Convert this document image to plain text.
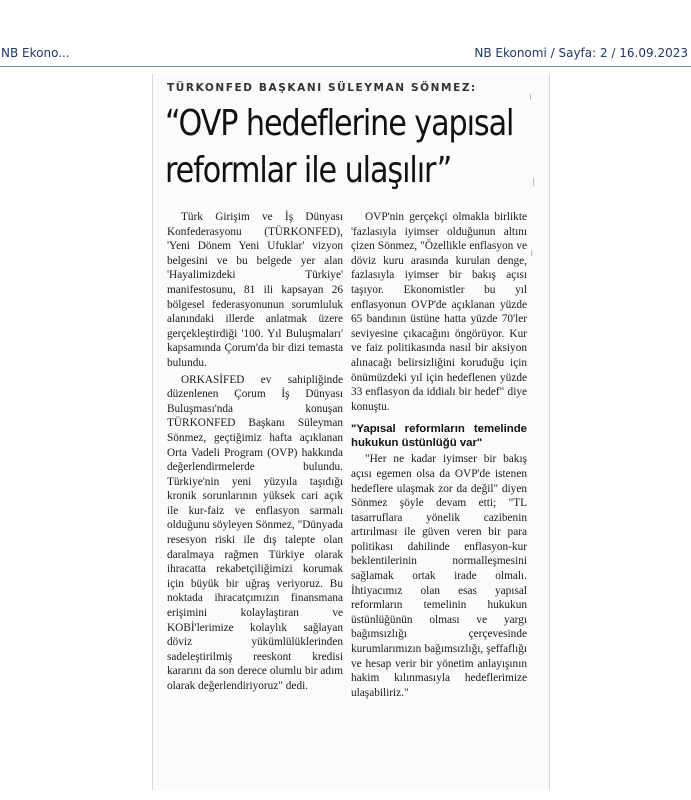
NB Ekono...	NB Ekonomi / Sayfa: 2 / 16.09.2023
TÜRKONFED BAŞKANI SÜLEYMAN SÖNMEZ:
“OVP hedeflerine yapısal
reformlar ile ulaşılır”

Türk Girişim ve İş Dünyası Konfederasyonu (TÜRKONFED), 'Yeni Dönem Yeni Ufuklar' vizyon belgesini ve bu belgede yer alan 'Hayalimizdeki Türkiye' manifestosunu, 81 ili kapsayan 26 bölgesel federasyonunun sorumluluk alanındaki illerde anlatmak üzere gerçekleştirdiği '100. Yıl Buluşmaları' kapsamında Çorum'da bir dizi temasta bulundu.

ORKASİFED ev sahipliğinde düzenlenen Çorum İş Dünyası Buluşması'nda konuşan TÜRKONFED Başkanı Süleyman Sönmez, geçtiğimiz hafta açıklanan Orta Vadeli Program (OVP) hakkında değerlendirmelerde bulundu. Türkiye'nin yeni yüzyıla taşıdığı kronik sorunlarının yüksek cari açık ile kur-faiz ve enflasyon sarmalı olduğunu söyleyen Sönmez, "Dünyada resesyon riski ile dış talepte olan daralmaya rağmen Türkiye olarak ihracatta rekabetçiliğimizi korumak için büyük bir uğraş veriyoruz. Bu noktada ihracatçımızın finansmana erişimini kolaylaştıran ve KOBİ'lerimize kolaylık sağlayan döviz yükümlülüklerinden sadeleştirilmiş reeskont kredisi kararını da son derece olumlu bir adım olarak değerlendiriyoruz" dedi.

OVP'nin gerçekçi olmakla birlikte 'fazlasıyla iyimser olduğunun altını çizen Sönmez, "Özellikle enflasyon ve döviz kuru arasında kurulan denge, fazlasıyla iyimser bir bakış açısı taşıyor. Ekonomistler bu yıl enflasyonun OVP'de açıklanan yüzde 65 bandının üstüne hatta yüzde 70'ler seviyesine çıkacağını öngörüyor. Kur ve faiz politikasında nasıl bir aksiyon alınacağı belirsizliğini koruduğu için önümüzdeki yıl için hedeflenen yüzde 33 enflasyon da iddialı bir hedef" diye konuştu.

"Yapısal reformların temelinde hukukun üstünlüğü var"

"Her ne kadar iyimser bir bakış açısı egemen olsa da OVP'de istenen hedeflere ulaşmak zor da değil" diyen Sönmez şöyle devam etti; "TL tasarruflara yönelik cazibenin artırılması ile güven veren bir para politikası dahilinde enflasyon-kur beklentilerinin normalleşmesini sağlamak ortak irade olmalı. İhtiyacımız olan esas yapısal reformların temelinin hukukun üstünlüğünün olması ve yargı bağımsızlığı çerçevesinde kurumlarımızın bağımsızlığı, şeffaflığı ve hesap verir bir yönetim anlayışının hakim kılınmasıyla hedeflerimize ulaşabiliriz."
